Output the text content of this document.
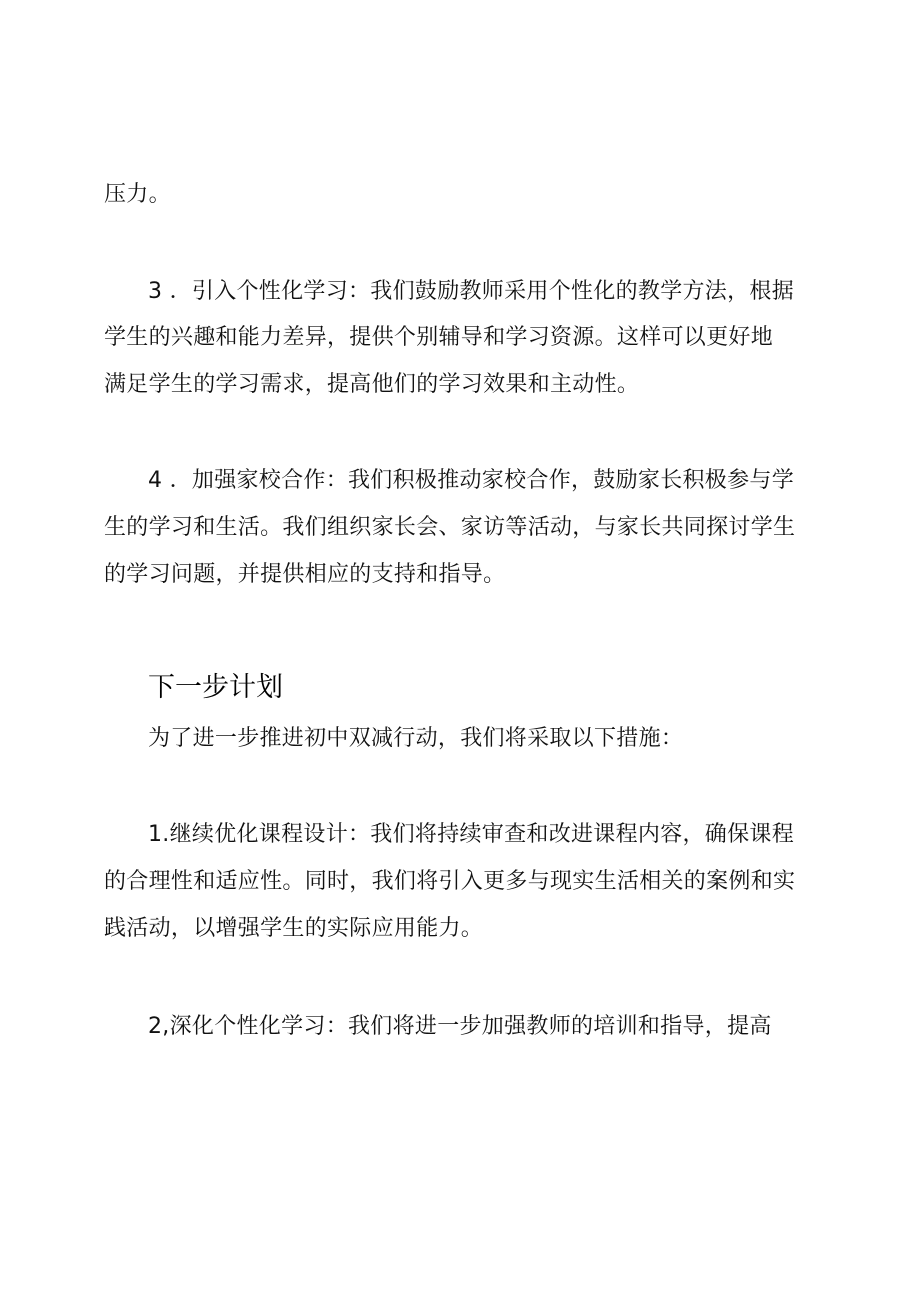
压力。
3 ．引入个性化学习：我们鼓励教师采用个性化的教学方法，根据
学生的兴趣和能力差异，提供个别辅导和学习资源。这样可以更好地
满足学生的学习需求，提高他们的学习效果和主动性。
4 ．加强家校合作：我们积极推动家校合作，鼓励家长积极参与学
生的学习和生活。我们组织家长会、家访等活动，与家长共同探讨学生
的学习问题，并提供相应的支持和指导。
下一步计划
为了进一步推进初中双减行动，我们将采取以下措施：
1.继续优化课程设计：我们将持续审查和改进课程内容，确保课程
的合理性和适应性。同时，我们将引入更多与现实生活相关的案例和实
践活动，以增强学生的实际应用能力。
2,深化个性化学习：我们将进一步加强教师的培训和指导，提高
